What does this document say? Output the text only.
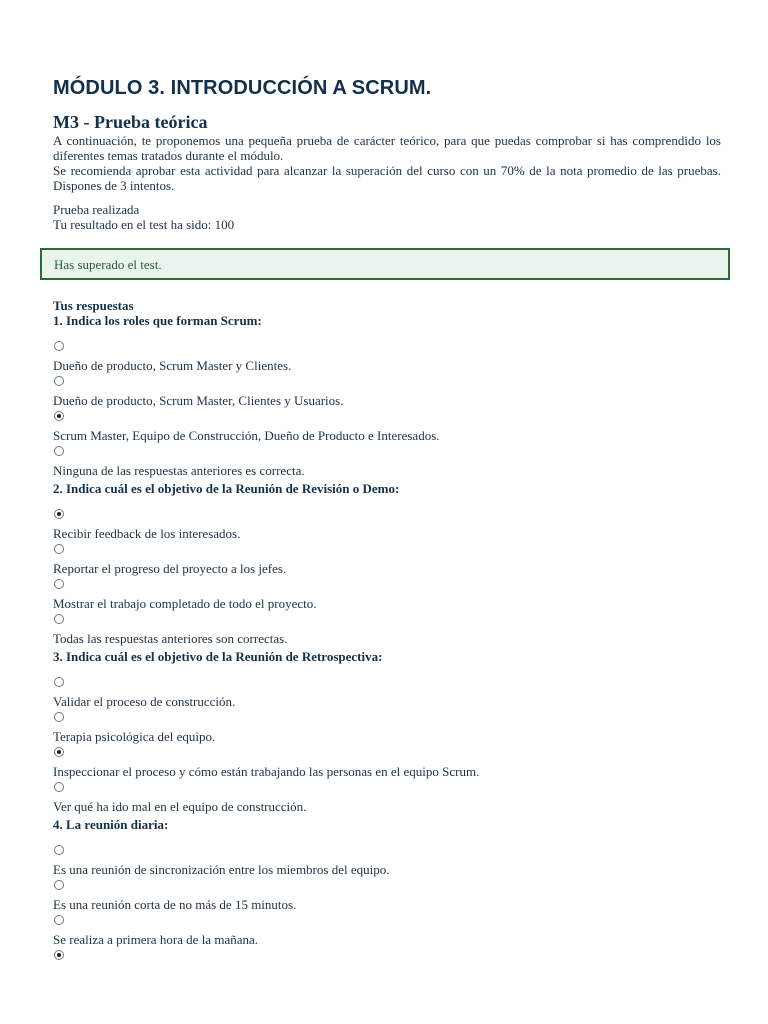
MÓDULO 3. INTRODUCCIÓN A SCRUM.
M3 - Prueba teórica

A continuación, te proponemos una pequeña prueba de carácter teórico, para que puedas comprobar si has comprendido los diferentes temas tratados durante el módulo.

Se recomienda aprobar esta actividad para alcanzar la superación del curso con un 70% de la nota promedio de las pruebas. Dispones de 3 intentos.

Prueba realizada
Tu resultado en el test ha sido: 100
Has superado el test.
Tus respuestas
1. Indica los roles que forman Scrum:
Dueño de producto, Scrum Master y Clientes.
Dueño de producto, Scrum Master, Clientes y Usuarios.
Scrum Master, Equipo de Construcción, Dueño de Producto e Interesados.
Ninguna de las respuestas anteriores es correcta.
2. Indica cuál es el objetivo de la Reunión de Revisión o Demo:
Recibir feedback de los interesados.
Reportar el progreso del proyecto a los jefes.
Mostrar el trabajo completado de todo el proyecto.
Todas las respuestas anteriores son correctas.
3. Indica cuál es el objetivo de la Reunión de Retrospectiva:
Validar el proceso de construcción.
Terapia psicológica del equipo.
Inspeccionar el proceso y cómo están trabajando las personas en el equipo Scrum.
Ver qué ha ido mal en el equipo de construcción.
4. La reunión diaria:
Es una reunión de sincronización entre los miembros del equipo.
Es una reunión corta de no más de 15 minutos.
Se realiza a primera hora de la mañana.
